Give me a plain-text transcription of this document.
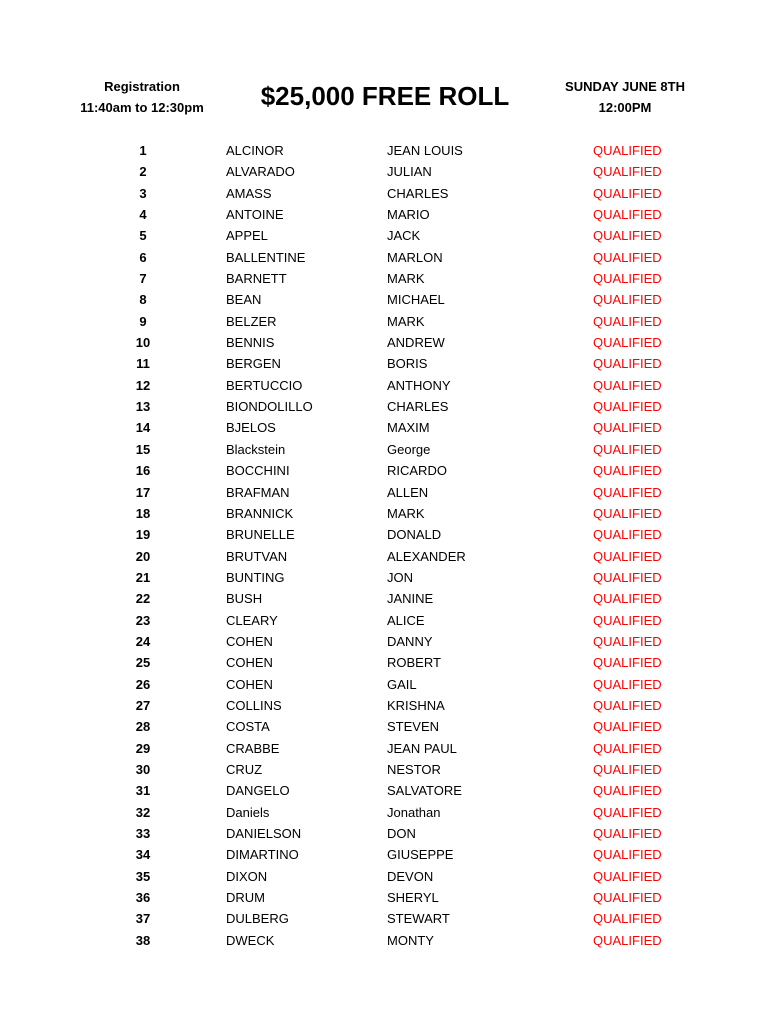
Registration
11:40am to 12:30pm	$25,000 FREE ROLL	SUNDAY JUNE 8TH
12:00PM
1	ALCINOR	JEAN LOUIS	QUALIFIED
2	ALVARADO	JULIAN	QUALIFIED
3	AMASS	CHARLES	QUALIFIED
4	ANTOINE	MARIO	QUALIFIED
5	APPEL	JACK	QUALIFIED
6	BALLENTINE	MARLON	QUALIFIED
7	BARNETT	MARK	QUALIFIED
8	BEAN	MICHAEL	QUALIFIED
9	BELZER	MARK	QUALIFIED
10	BENNIS	ANDREW	QUALIFIED
11	BERGEN	BORIS	QUALIFIED
12	BERTUCCIO	ANTHONY	QUALIFIED
13	BIONDOLILLO	CHARLES	QUALIFIED
14	BJELOS	MAXIM	QUALIFIED
15	Blackstein	George	QUALIFIED
16	BOCCHINI	RICARDO	QUALIFIED
17	BRAFMAN	ALLEN	QUALIFIED
18	BRANNICK	MARK	QUALIFIED
19	BRUNELLE	DONALD	QUALIFIED
20	BRUTVAN	ALEXANDER	QUALIFIED
21	BUNTING	JON	QUALIFIED
22	BUSH	JANINE	QUALIFIED
23	CLEARY	ALICE	QUALIFIED
24	COHEN	DANNY	QUALIFIED
25	COHEN	ROBERT	QUALIFIED
26	COHEN	GAIL	QUALIFIED
27	COLLINS	KRISHNA	QUALIFIED
28	COSTA	STEVEN	QUALIFIED
29	CRABBE	JEAN PAUL	QUALIFIED
30	CRUZ	NESTOR	QUALIFIED
31	DANGELO	SALVATORE	QUALIFIED
32	Daniels	Jonathan	QUALIFIED
33	DANIELSON	DON	QUALIFIED
34	DIMARTINO	GIUSEPPE	QUALIFIED
35	DIXON	DEVON	QUALIFIED
36	DRUM	SHERYL	QUALIFIED
37	DULBERG	STEWART	QUALIFIED
38	DWECK	MONTY	QUALIFIED
